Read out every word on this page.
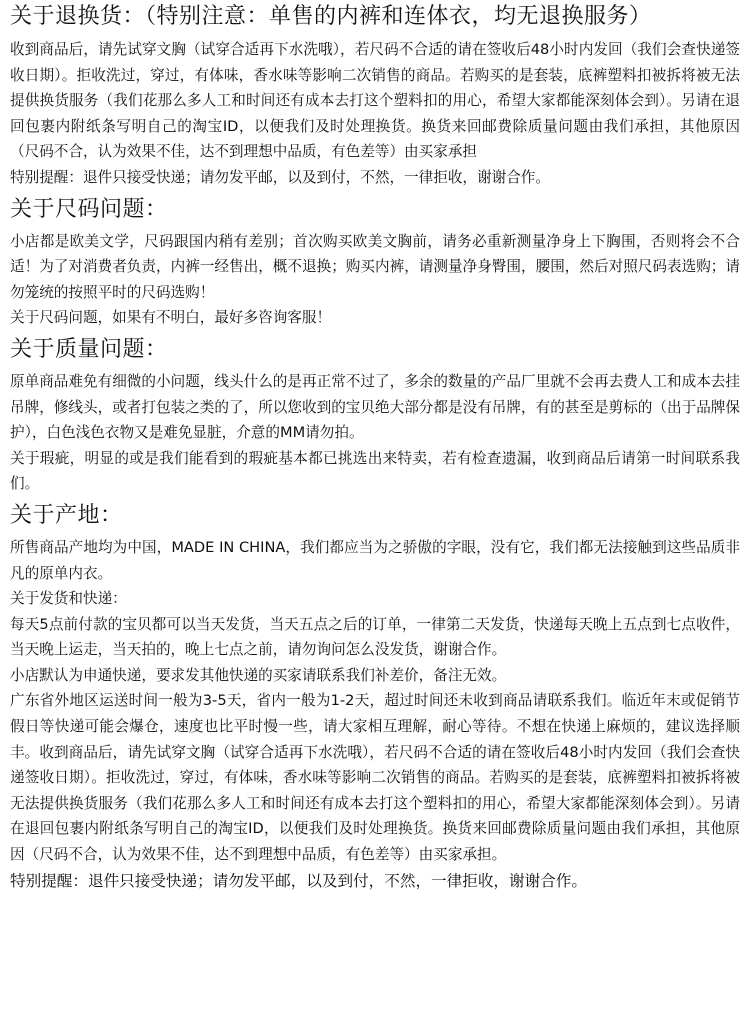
关于退换货：（特别注意：单售的内裤和连体衣，均无退换服务）

收到商品后，请先试穿文胸（试穿合适再下水洗哦），若尺码不合适的请在签收后48小时内发回（我们会查快递签收日期）。拒收洗过，穿过，有体味，香水味等影响二次销售的商品。若购买的是套装，底裤塑料扣被拆将被无法提供换货服务（我们花那么多人工和时间还有成本去打这个塑料扣的用心，希望大家都能深刻体会到）。另请在退回包裹内附纸条写明自己的淘宝ID，以便我们及时处理换货。换货来回邮费除质量问题由我们承担，其他原因（尺码不合，认为效果不佳，达不到理想中品质，有色差等）由买家承担

特别提醒：退件只接受快递；请勿发平邮，以及到付，不然，一律拒收，谢谢合作。

关于尺码问题：

小店都是欧美文学，尺码跟国内稍有差别；首次购买欧美文胸前，请务必重新测量净身上下胸围，否则将会不合适！为了对消费者负责，内裤一经售出，概不退换；购买内裤，请测量净身臀围，腰围，然后对照尺码表选购；请勿笼统的按照平时的尺码选购！

关于尺码问题，如果有不明白，最好多咨询客服！

关于质量问题：

原单商品难免有细微的小问题，线头什么的是再正常不过了，多余的数量的产品厂里就不会再去费人工和成本去挂吊牌，修线头，或者打包装之类的了，所以您收到的宝贝绝大部分都是没有吊牌，有的甚至是剪标的（出于品牌保护），白色浅色衣物又是难免显脏，介意的MM请勿拍。

关于瑕疵，明显的或是我们能看到的瑕疵基本都已挑选出来特卖，若有检查遗漏，收到商品后请第一时间联系我们。

关于产地：

所售商品产地均为中国，MADE IN CHINA，我们都应当为之骄傲的字眼，没有它，我们都无法接触到这些品质非凡的原单内衣。

关于发货和快递：

每天5点前付款的宝贝都可以当天发货，当天五点之后的订单，一律第二天发货，快递每天晚上五点到七点收件，当天晚上运走，当天拍的，晚上七点之前，请勿询问怎么没发货，谢谢合作。

小店默认为申通快递，要求发其他快递的买家请联系我们补差价，备注无效。

广东省外地区运送时间一般为3-5天，省内一般为1-2天，超过时间还未收到商品请联系我们。临近年末或促销节假日等快递可能会爆仓，速度也比平时慢一些，请大家相互理解，耐心等待。不想在快递上麻烦的，建议选择顺丰。收到商品后，请先试穿文胸（试穿合适再下水洗哦），若尺码不合适的请在签收后48小时内发回（我们会查快递签收日期）。拒收洗过，穿过，有体味，香水味等影响二次销售的商品。若购买的是套装，底裤塑料扣被拆将被无法提供换货服务（我们花那么多人工和时间还有成本去打这个塑料扣的用心，希望大家都能深刻体会到）。另请在退回包裹内附纸条写明自己的淘宝ID，以便我们及时处理换货。换货来回邮费除质量问题由我们承担，其他原因（尺码不合，认为效果不佳，达不到理想中品质，有色差等）由买家承担。

特别提醒：退件只接受快递；请勿发平邮，以及到付，不然，一律拒收，谢谢合作。
